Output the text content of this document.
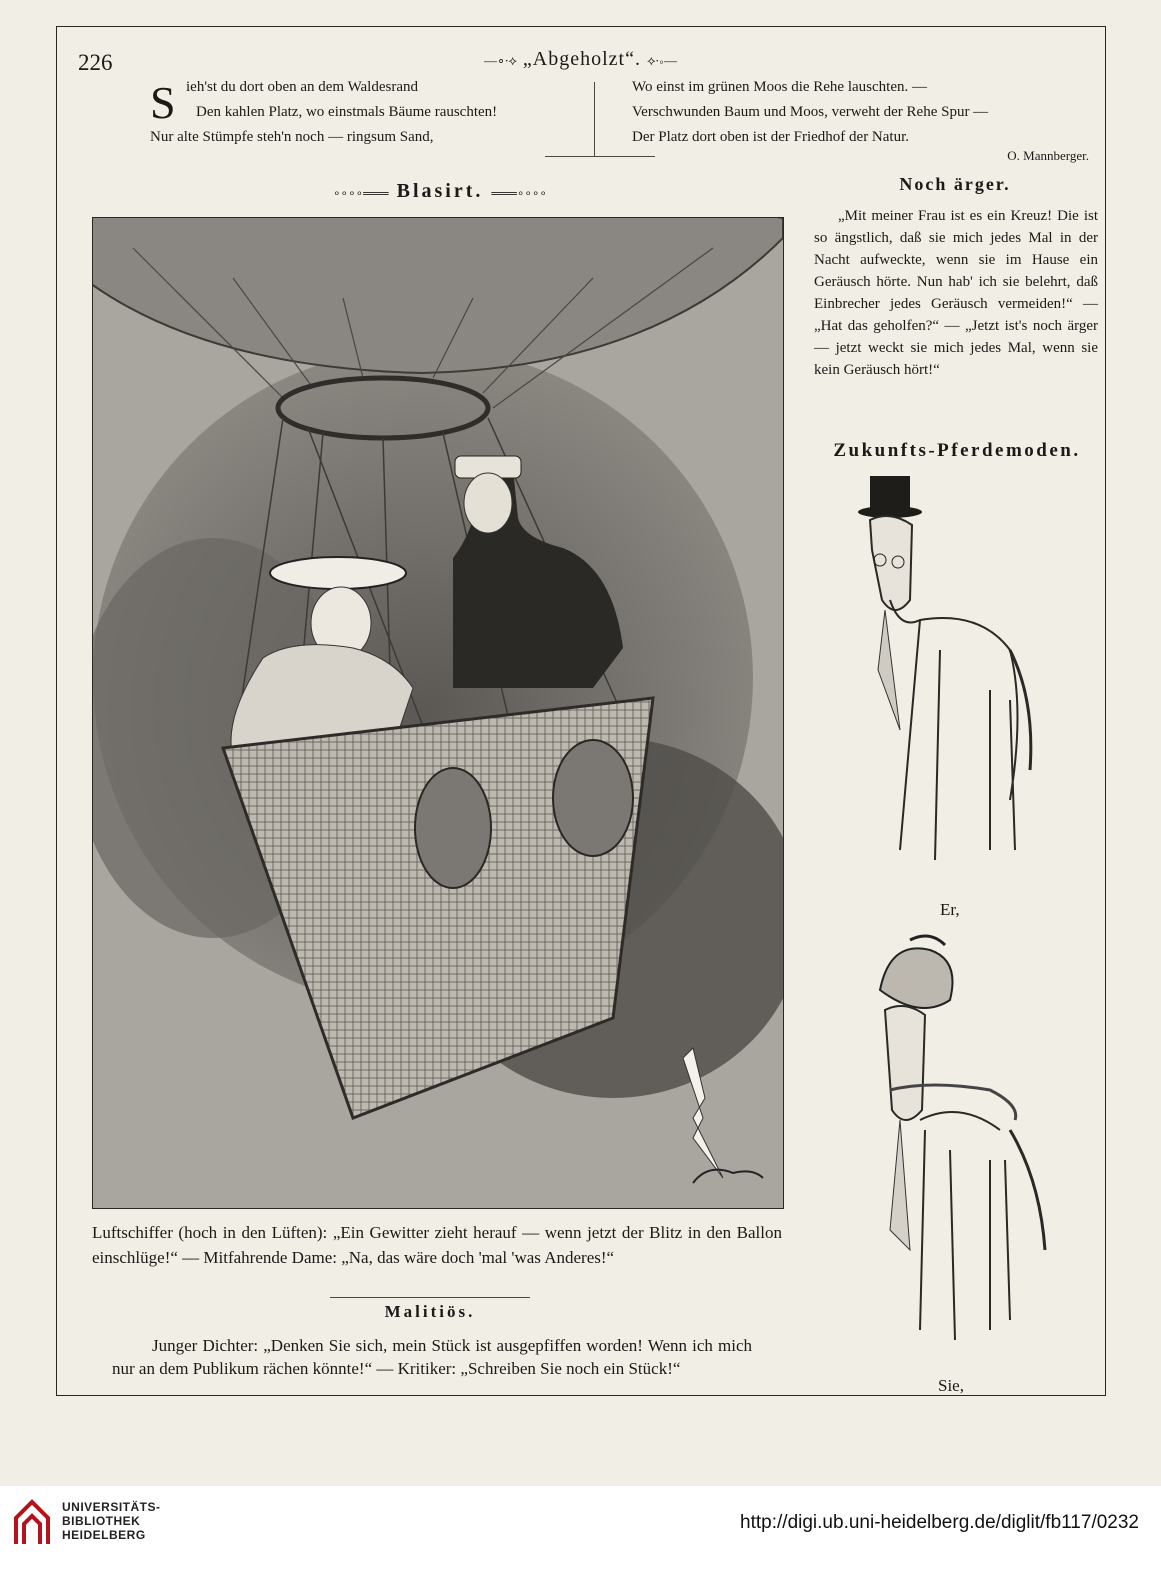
226	—∘∙⟡ „Abgeholzt“. ⟡∙∘—
S ieh'st du dort oben an dem Waldesrand
Den kahlen Platz, wo einstmals Bäume rauschten!
Nur alte Stümpfe steh'n noch — ringsum Sand,
Wo einst im grünen Moos die Rehe lauschten. —
Verschwunden Baum und Moos, verweht der Rehe Spur —
Der Platz dort oben ist der Friedhof der Natur.
O. Mannberger.
∘∘∘∘═══ Blasirt. ═══∘∘∘∘
Luftschiffer (hoch in den Lüften): „Ein Gewitter zieht herauf — wenn jetzt der Blitz in den Ballon einschlüge!“ — Mitfahrende Dame: „Na, das wäre doch 'mal 'was Anderes!“
Malitiös.
Junger Dichter: „Denken Sie sich, mein Stück ist ausgepfiffen worden! Wenn ich mich nur an dem Publikum rächen könnte!“ — Kritiker: „Schreiben Sie noch ein Stück!“
Noch ärger.
„Mit meiner Frau ist es ein Kreuz! Die ist so ängstlich, daß sie mich jedes Mal in der Nacht aufweckte, wenn sie im Hause ein Geräusch hörte. Nun hab' ich sie belehrt, daß Einbrecher jedes Geräusch vermeiden!“ — „Hat das geholfen?“ — „Jetzt ist's noch ärger — jetzt weckt sie mich jedes Mal, wenn sie kein Geräusch hört!“
Zukunfts-Pferdemoden.
Er,
Sie,
UNIVERSITÄTS-
BIBLIOTHEK
HEIDELBERG
http://digi.ub.uni-heidelberg.de/diglit/fb117/0232
